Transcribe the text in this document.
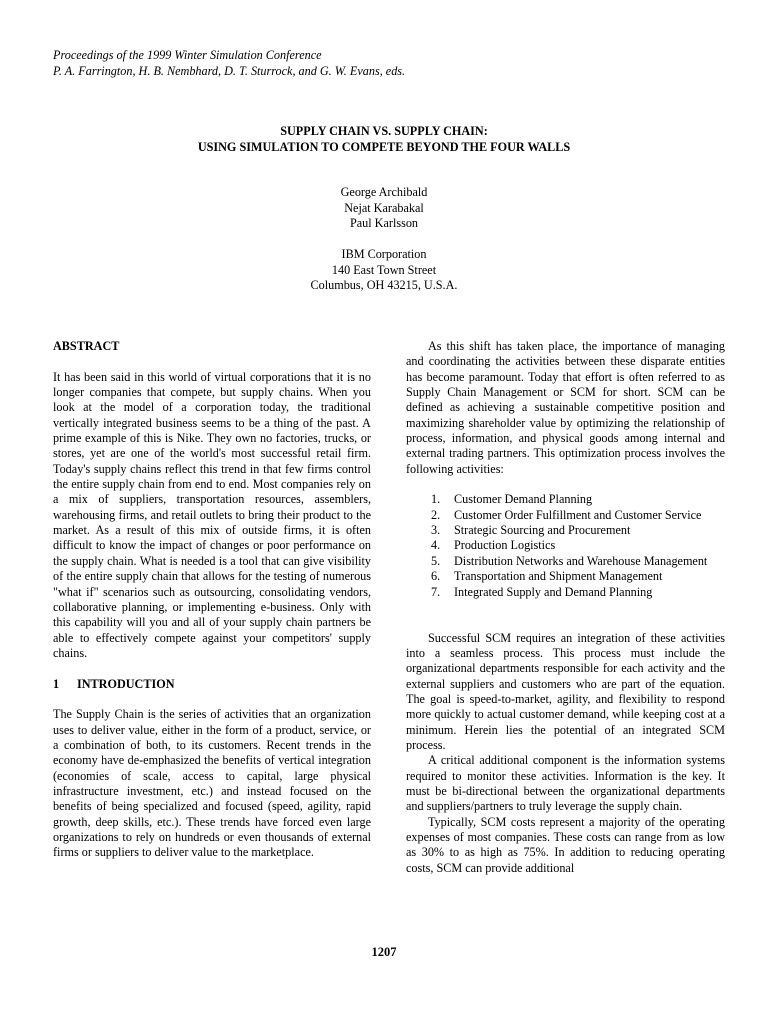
Proceedings of the 1999 Winter Simulation Conference
P. A. Farrington, H. B. Nembhard, D. T. Sturrock, and G. W. Evans, eds.
SUPPLY CHAIN VS. SUPPLY CHAIN:
USING SIMULATION TO COMPETE BEYOND THE FOUR WALLS
George Archibald
Nejat Karabakal
Paul Karlsson
IBM Corporation
140 East Town Street
Columbus, OH 43215, U.S.A.

ABSTRACT

It has been said in this world of virtual corporations that it is no longer companies that compete, but supply chains. When you look at the model of a corporation today, the traditional vertically integrated business seems to be a thing of the past. A prime example of this is Nike. They own no factories, trucks, or stores, yet are one of the world's most successful retail firm. Today's supply chains reflect this trend in that few firms control the entire supply chain from end to end. Most companies rely on a mix of suppliers, transportation resources, assemblers, warehousing firms, and retail outlets to bring their product to the market. As a result of this mix of outside firms, it is often difficult to know the impact of changes or poor performance on the supply chain. What is needed is a tool that can give visibility of the entire supply chain that allows for the testing of numerous "what if" scenarios such as outsourcing, consolidating vendors, collaborative planning, or implementing e-business. Only with this capability will you and all of your supply chain partners be able to effectively compete against your competitors' supply chains.

1 INTRODUCTION

The Supply Chain is the series of activities that an organization uses to deliver value, either in the form of a product, service, or a combination of both, to its customers. Recent trends in the economy have de-emphasized the benefits of vertical integration (economies of scale, access to capital, large physical infrastructure investment, etc.) and instead focused on the benefits of being specialized and focused (speed, agility, rapid growth, deep skills, etc.). These trends have forced even large organizations to rely on hundreds or even thousands of external firms or suppliers to deliver value to the marketplace.

As this shift has taken place, the importance of managing and coordinating the activities between these disparate entities has become paramount. Today that effort is often referred to as Supply Chain Management or SCM for short. SCM can be defined as achieving a sustainable competitive position and maximizing shareholder value by optimizing the relationship of process, information, and physical goods among internal and external trading partners. This optimization process involves the following activities:

1. Customer Demand Planning
2. Customer Order Fulfillment and Customer Service
3. Strategic Sourcing and Procurement
4. Production Logistics
5. Distribution Networks and Warehouse Management
6. Transportation and Shipment Management
7. Integrated Supply and Demand Planning

Successful SCM requires an integration of these activities into a seamless process. This process must include the organizational departments responsible for each activity and the external suppliers and customers who are part of the equation. The goal is speed-to-market, agility, and flexibility to respond more quickly to actual customer demand, while keeping cost at a minimum. Herein lies the potential of an integrated SCM process.

A critical additional component is the information systems required to monitor these activities. Information is the key. It must be bi-directional between the organizational departments and suppliers/partners to truly leverage the supply chain.

Typically, SCM costs represent a majority of the operating expenses of most companies. These costs can range from as low as 30% to as high as 75%. In addition to reducing operating costs, SCM can provide additional

1207
